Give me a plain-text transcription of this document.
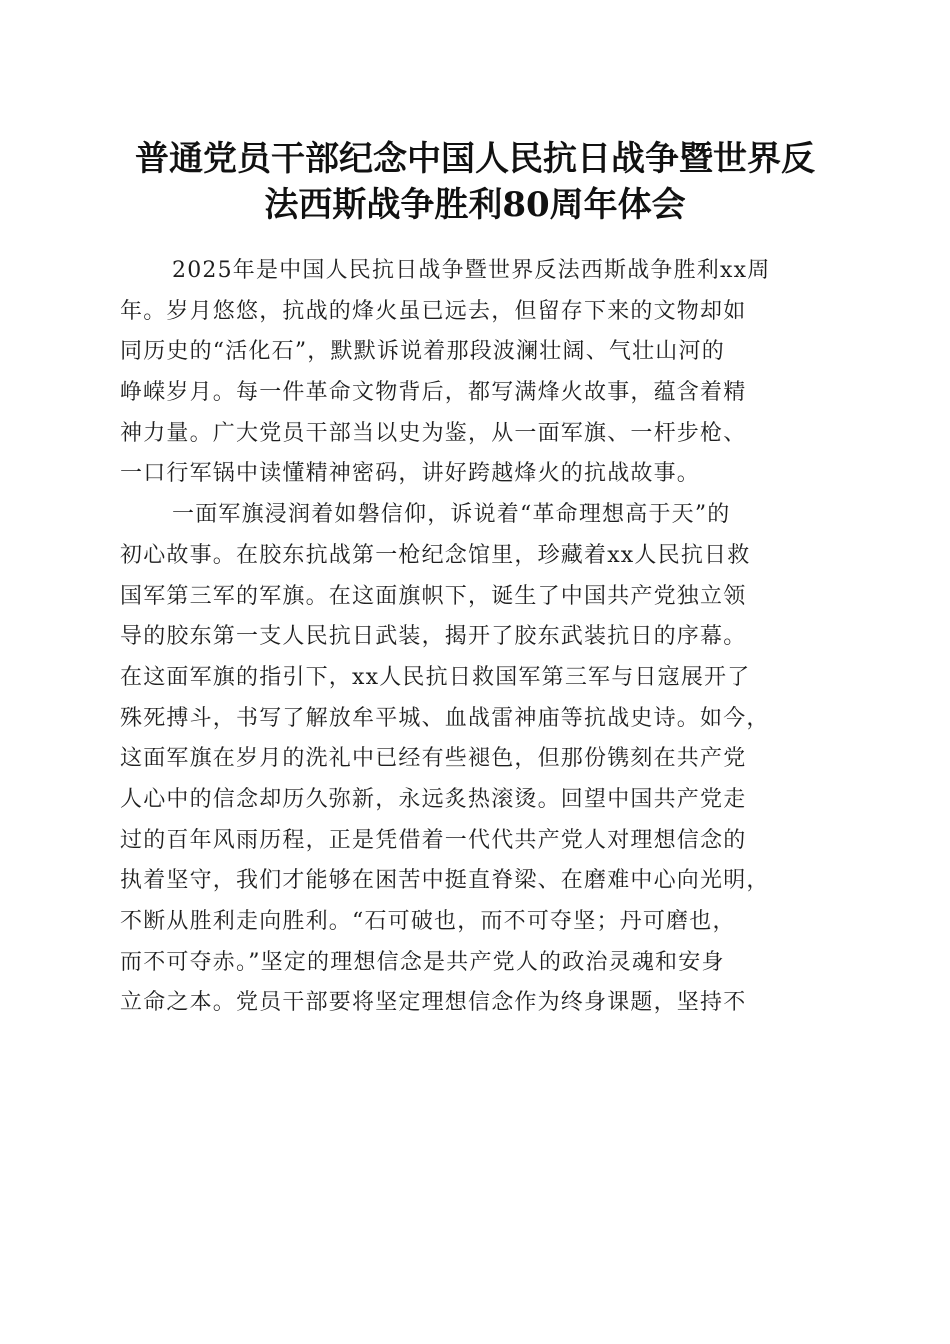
普通党员干部纪念中国人民抗日战争暨世界反
法西斯战争胜利80周年体会
2025年是中国人民抗日战争暨世界反法西斯战争胜利xx周
年。岁月悠悠，抗战的烽火虽已远去，但留存下来的文物却如
同历史的“活化石”，默默诉说着那段波澜壮阔、气壮山河的
峥嵘岁月。每一件革命文物背后，都写满烽火故事，蕴含着精
神力量。广大党员干部当以史为鉴，从一面军旗、一杆步枪、
一口行军锅中读懂精神密码，讲好跨越烽火的抗战故事。
一面军旗浸润着如磐信仰，诉说着“革命理想高于天”的
初心故事。在胶东抗战第一枪纪念馆里，珍藏着xx人民抗日救
国军第三军的军旗。在这面旗帜下，诞生了中国共产党独立领
导的胶东第一支人民抗日武装，揭开了胶东武装抗日的序幕。
在这面军旗的指引下，xx人民抗日救国军第三军与日寇展开了
殊死搏斗，书写了解放牟平城、血战雷神庙等抗战史诗。如今，
这面军旗在岁月的洗礼中已经有些褪色，但那份镌刻在共产党
人心中的信念却历久弥新，永远炙热滚烫。回望中国共产党走
过的百年风雨历程，正是凭借着一代代共产党人对理想信念的
执着坚守，我们才能够在困苦中挺直脊梁、在磨难中心向光明，
不断从胜利走向胜利。“石可破也，而不可夺坚；丹可磨也，
而不可夺赤。”坚定的理想信念是共产党人的政治灵魂和安身
立命之本。党员干部要将坚定理想信念作为终身课题，坚持不
